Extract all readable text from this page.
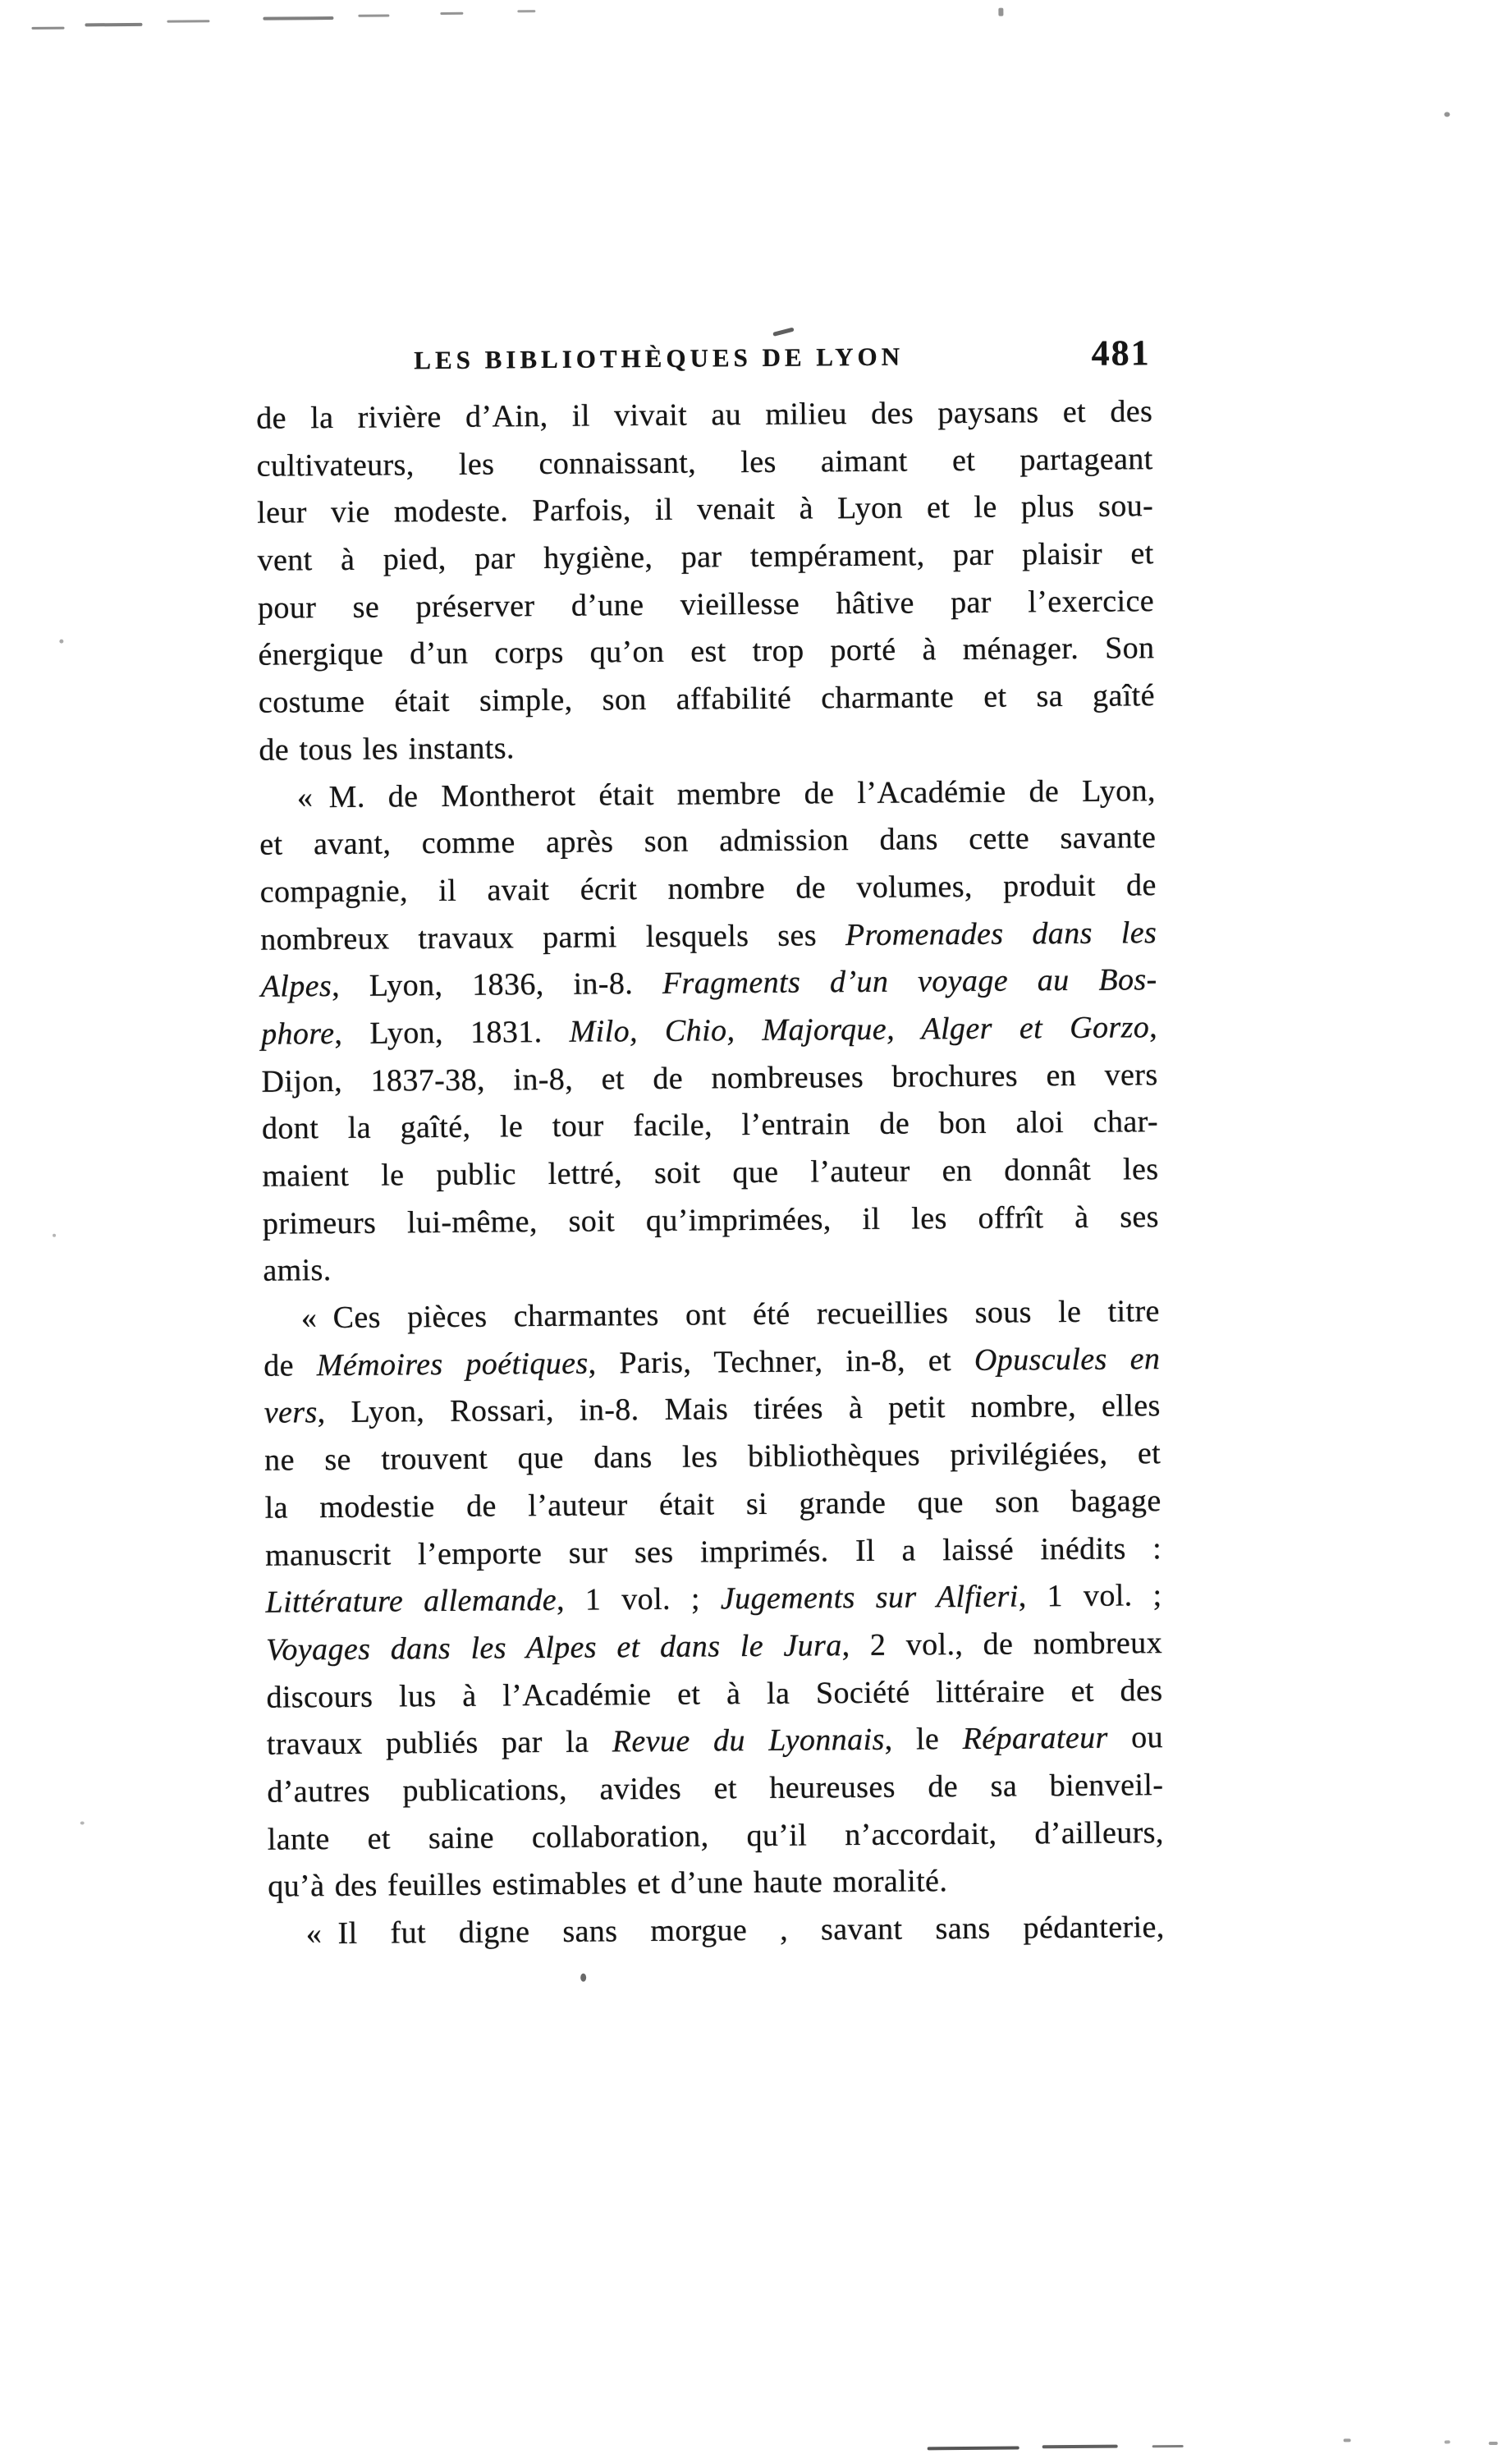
LES BIBLIOTHÈQUES DE LYON	481
de la rivière d’Ain, il vivait au milieu des paysans et des
cultivateurs, les connaissant, les aimant et partageant
leur vie modeste. Parfois, il venait à Lyon et le plus sou-
vent à pied, par hygiène, par tempérament, par plaisir et
pour se préserver d’une vieillesse hâtive par l’exercice
énergique d’un corps qu’on est trop porté à ménager. Son
costume était simple, son affabilité charmante et sa gaîté
de tous les instants.
« M. de Montherot était membre de l’Académie de Lyon,
et avant, comme après son admission dans cette savante
compagnie, il avait écrit nombre de volumes, produit de
nombreux travaux parmi lesquels ses Promenades dans les
Alpes, Lyon, 1836, in-8. Fragments d’un voyage au Bos-
phore, Lyon, 1831. Milo, Chio, Majorque, Alger et Gorzo,
Dijon, 1837-38, in-8, et de nombreuses brochures en vers
dont la gaîté, le tour facile, l’entrain de bon aloi char-
maient le public lettré, soit que l’auteur en donnât les
primeurs lui-même, soit qu’imprimées, il les offrît à ses
amis.
« Ces pièces charmantes ont été recueillies sous le titre
de Mémoires poétiques, Paris, Techner, in-8, et Opuscules en
vers, Lyon, Rossari, in-8. Mais tirées à petit nombre, elles
ne se trouvent que dans les bibliothèques privilégiées, et
la modestie de l’auteur était si grande que son bagage
manuscrit l’emporte sur ses imprimés. Il a laissé inédits :
Littérature allemande, 1 vol. ; Jugements sur Alfieri, 1 vol. ;
Voyages dans les Alpes et dans le Jura, 2 vol., de nombreux
discours lus à l’Académie et à la Société littéraire et des
travaux publiés par la Revue du Lyonnais, le Réparateur ou
d’autres publications, avides et heureuses de sa bienveil-
lante et saine collaboration, qu’il n’accordait, d’ailleurs,
qu’à des feuilles estimables et d’une haute moralité.
« Il fut digne sans morgue , savant sans pédanterie,
